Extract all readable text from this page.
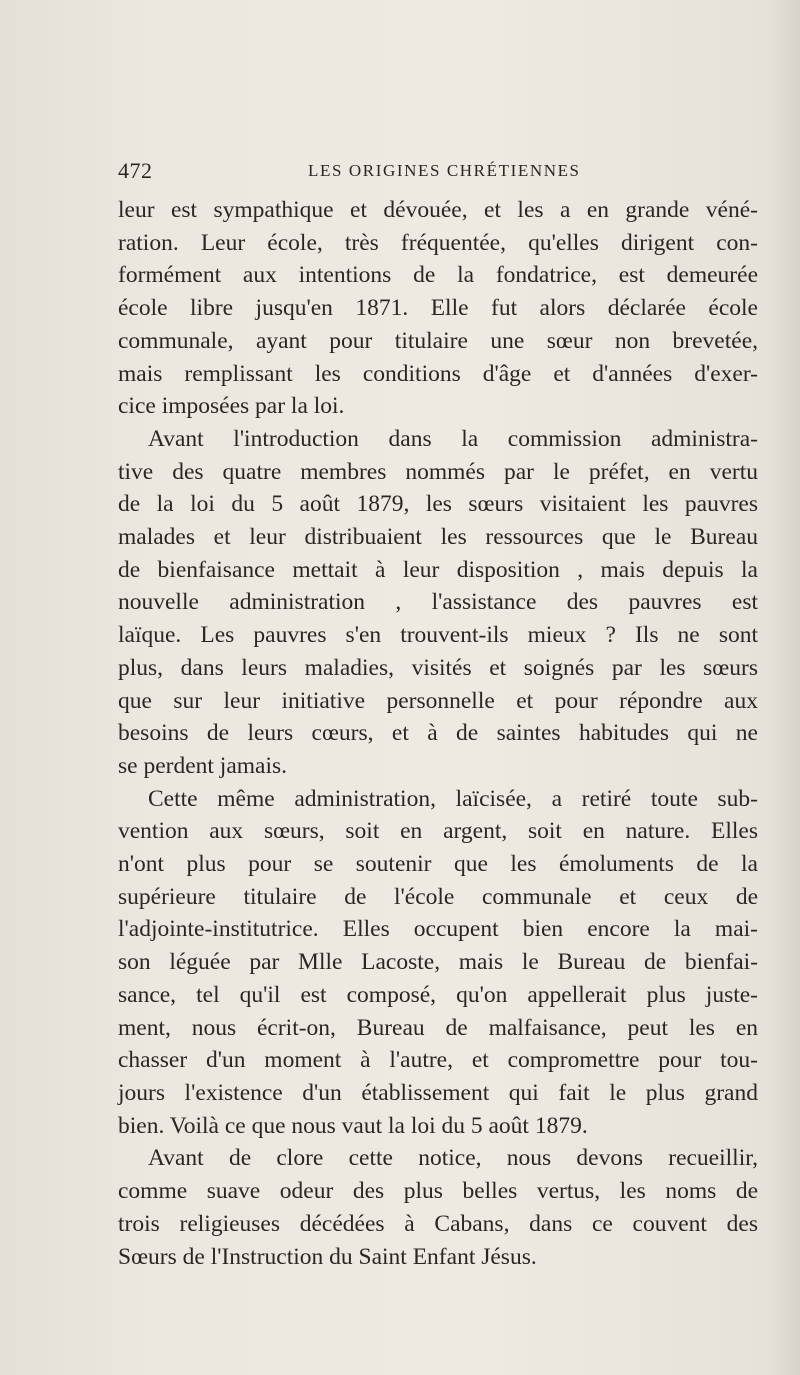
472	LES ORIGINES CHRÉTIENNES
leur est sympathique et dévouée, et les a en grande véné-
ration. Leur école, très fréquentée, qu'elles dirigent con-
formément aux intentions de la fondatrice, est demeurée
école libre jusqu'en 1871. Elle fut alors déclarée école
communale, ayant pour titulaire une sœur non brevetée,
mais remplissant les conditions d'âge et d'années d'exer-
cice imposées par la loi.
Avant l'introduction dans la commission administra-
tive des quatre membres nommés par le préfet, en vertu
de la loi du 5 août 1879, les sœurs visitaient les pauvres
malades et leur distribuaient les ressources que le Bureau
de bienfaisance mettait à leur disposition , mais depuis la
nouvelle administration , l'assistance des pauvres est
laïque. Les pauvres s'en trouvent-ils mieux ? Ils ne sont
plus, dans leurs maladies, visités et soignés par les sœurs
que sur leur initiative personnelle et pour répondre aux
besoins de leurs cœurs, et à de saintes habitudes qui ne
se perdent jamais.
Cette même administration, laïcisée, a retiré toute sub-
vention aux sœurs, soit en argent, soit en nature. Elles
n'ont plus pour se soutenir que les émoluments de la
supérieure titulaire de l'école communale et ceux de
l'adjointe-institutrice. Elles occupent bien encore la mai-
son léguée par Mlle Lacoste, mais le Bureau de bienfai-
sance, tel qu'il est composé, qu'on appellerait plus juste-
ment, nous écrit-on, Bureau de malfaisance, peut les en
chasser d'un moment à l'autre, et compromettre pour tou-
jours l'existence d'un établissement qui fait le plus grand
bien. Voilà ce que nous vaut la loi du 5 août 1879.
Avant de clore cette notice, nous devons recueillir,
comme suave odeur des plus belles vertus, les noms de
trois religieuses décédées à Cabans, dans ce couvent des
Sœurs de l'Instruction du Saint Enfant Jésus.
